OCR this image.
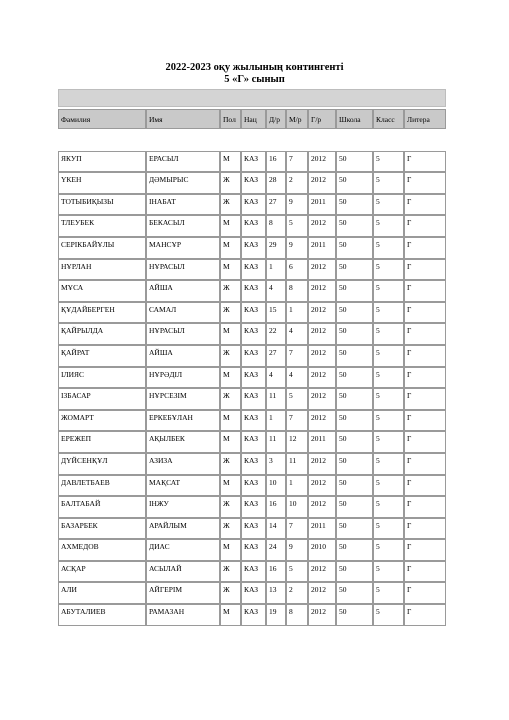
2022-2023 оқу жылының контингенті
5 «Г» сынып
Фамилия	Имя	Пол	Нац	Д/р	М/р	Г/р	Школа	Класс	Литера

ЯКУП	ЕРАСЫЛ	М	КАЗ	16	7	2012	50	5	Г
ҮКЕН	ДӘМЫРЫС	Ж	КАЗ	28	2	2012	50	5	Г
ТОТЫБИҚЫЗЫ	ІНАБАТ	Ж	КАЗ	27	9	2011	50	5	Г
ТЛЕУБЕК	БЕКАСЫЛ	М	КАЗ	8	5	2012	50	5	Г
СЕРІКБАЙҰЛЫ	МАНСҰР	М	КАЗ	29	9	2011	50	5	Г
НҰРЛАН	НҰРАСЫЛ	М	КАЗ	1	6	2012	50	5	Г
МҰСА	АЙША	Ж	КАЗ	4	8	2012	50	5	Г
ҚҰДАЙБЕРГЕН	САМАЛ	Ж	КАЗ	15	1	2012	50	5	Г
ҚАЙРЫЛДА	НҰРАСЫЛ	М	КАЗ	22	4	2012	50	5	Г
ҚАЙРАТ	АЙША	Ж	КАЗ	27	7	2012	50	5	Г
ІЛИЯС	НҰРӘДІЛ	М	КАЗ	4	4	2012	50	5	Г
ІЗБАСАР	НҰРСЕЗІМ	Ж	КАЗ	11	5	2012	50	5	Г
ЖОМАРТ	ЕРКЕБҰЛАН	М	КАЗ	1	7	2012	50	5	Г
ЕРЕЖЕП	АҚЫЛБЕК	М	КАЗ	11	12	2011	50	5	Г
ДҮЙСЕНҚҰЛ	АЗИЗА	Ж	КАЗ	3	11	2012	50	5	Г
ДАВЛЕТБАЕВ	МАҚСАТ	М	КАЗ	10	1	2012	50	5	Г
БАЛТАБАЙ	ІНЖУ	Ж	КАЗ	16	10	2012	50	5	Г
БАЗАРБЕК	АРАЙЛЫМ	Ж	КАЗ	14	7	2011	50	5	Г
АХМЕДОВ	ДИАС	М	КАЗ	24	9	2010	50	5	Г
АСҚАР	АСЫЛАЙ	Ж	КАЗ	16	5	2012	50	5	Г
АЛИ	АЙГЕРІМ	Ж	КАЗ	13	2	2012	50	5	Г
АБУТАЛИЕВ	РАМАЗАН	М	КАЗ	19	8	2012	50	5	Г
